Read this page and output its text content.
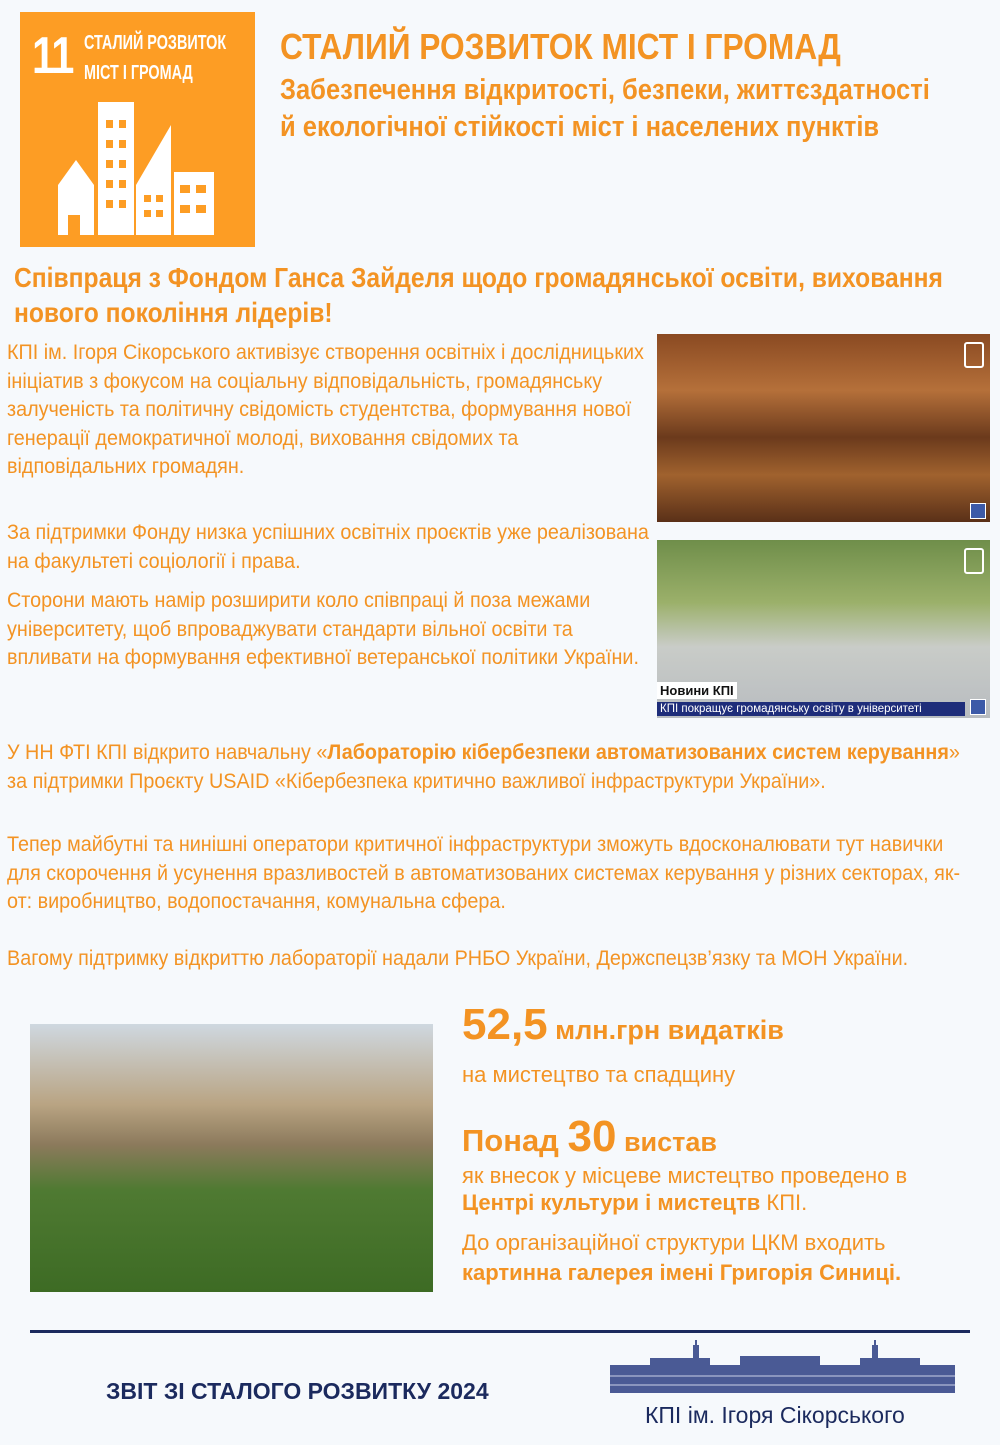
11 СТАЛИЙ РОЗВИТОК
МІСТ І ГРОМАД
СТАЛИЙ РОЗВИТОК МІСТ І ГРОМАД
Забезпечення відкритості, безпеки, життєздатності й екологічної стійкості міст і населених пунктів
Співпраця з Фондом Ганса Зайделя щодо громадянської освіти, виховання нового покоління лідерів!
КПІ ім. Ігоря Сікорського активізує створення освітніх і дослідницьких ініціатив з фокусом на соціальну відповідальність, громадянську залученість та політичну свідомість студентства, формування нової генерації демократичної молоді, виховання свідомих та відповідальних громадян.
За підтримки Фонду низка успішних освітніх проєктів уже реалізована на факультеті соціології і права.
Сторони мають намір розширити коло співпраці й поза межами університету, щоб впроваджувати стандарти вільної освіти та впливати на формування ефективної ветеранської політики України.
Новини КПІ
КПІ покращує громадянську освіту в університеті
У НН ФТІ КПІ відкрито навчальну «Лабораторію кібербезпеки автоматизованих систем керування» за підтримки Проєкту USAID «Кібербезпека критично важливої інфраструктури України».
Тепер майбутні та нинішні оператори критичної інфраструктури зможуть вдосконалювати тут навички для скорочення й усунення вразливостей в автоматизованих системах керування у різних секторах, як-от: виробництво, водопостачання, комунальна сфера.
Вагому підтримку відкриттю лабораторії надали РНБО України, Держспецзв’язку та МОН України.
52,5 млн.грн видатків
на мистецтво та спадщину
Понад 30 вистав
як внесок у місцеве мистецтво проведено в Центрі культури і мистецтв КПІ.
До організаційної структури ЦКМ входить картинна галерея імені Григорія Синиці.
ЗВІТ ЗІ СТАЛОГО РОЗВИТКУ 2024
КПІ ім. Ігоря Сікорського
